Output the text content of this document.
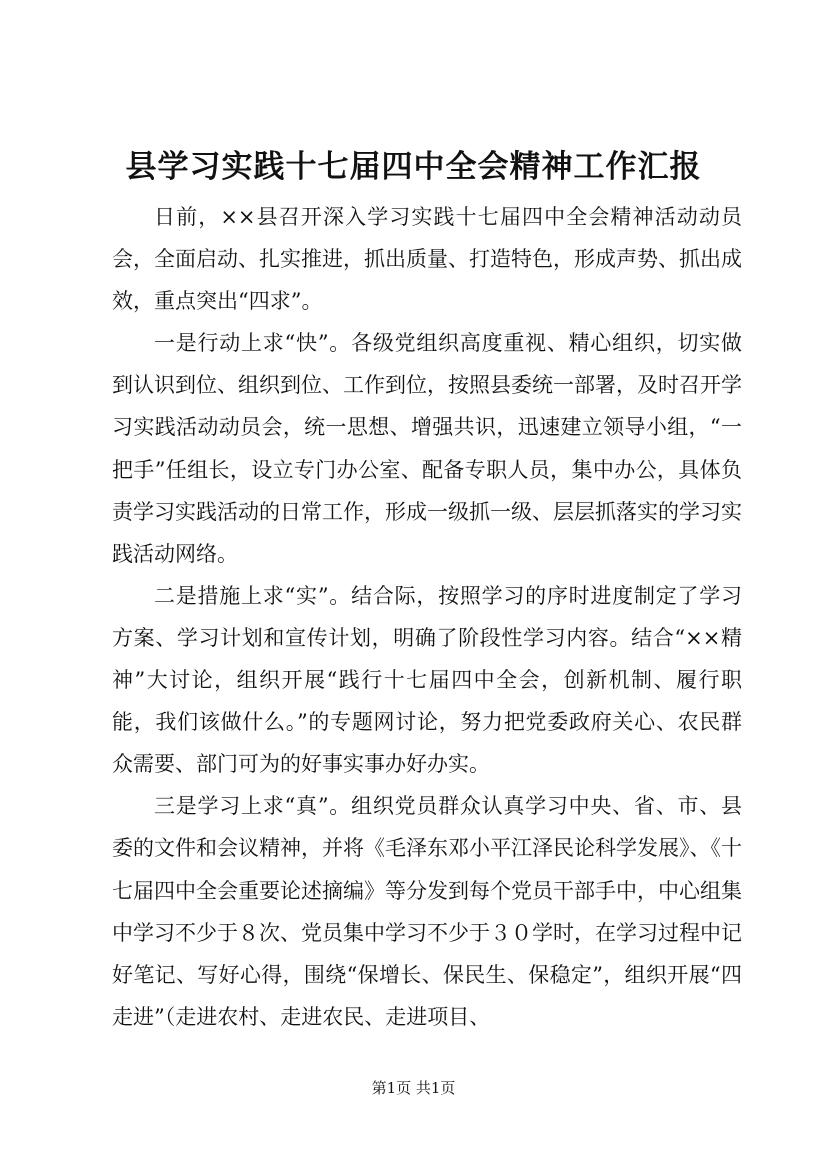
县学习实践十七届四中全会精神工作汇报

日前，××县召开深入学习实践十七届四中全会精神活动动员会，全面启动、扎实推进，抓出质量、打造特色，形成声势、抓出成效，重点突出“四求”。

一是行动上求“快”。各级党组织高度重视、精心组织，切实做到认识到位、组织到位、工作到位，按照县委统一部署，及时召开学习实践活动动员会，统一思想、增强共识，迅速建立领导小组，“一把手”任组长，设立专门办公室、配备专职人员，集中办公，具体负责学习实践活动的日常工作，形成一级抓一级、层层抓落实的学习实践活动网络。

二是措施上求“实”。结合际，按照学习的序时进度制定了学习方案、学习计划和宣传计划，明确了阶段性学习内容。结合“××精神”大讨论，组织开展“践行十七届四中全会，创新机制、履行职能，我们该做什么。”的专题网讨论，努力把党委政府关心、农民群众需要、部门可为的好事实事办好办实。

三是学习上求“真”。组织党员群众认真学习中央、省、市、县委的文件和会议精神，并将《毛泽东邓小平江泽民论科学发展》、《十七届四中全会重要论述摘编》等分发到每个党员干部手中，中心组集中学习不少于８次、党员集中学习不少于３０学时，在学习过程中记好笔记、写好心得，围绕“保增长、保民生、保稳定”，组织开展“四走进”（走进农村、走进农民、走进项目、

第1页 共1页
